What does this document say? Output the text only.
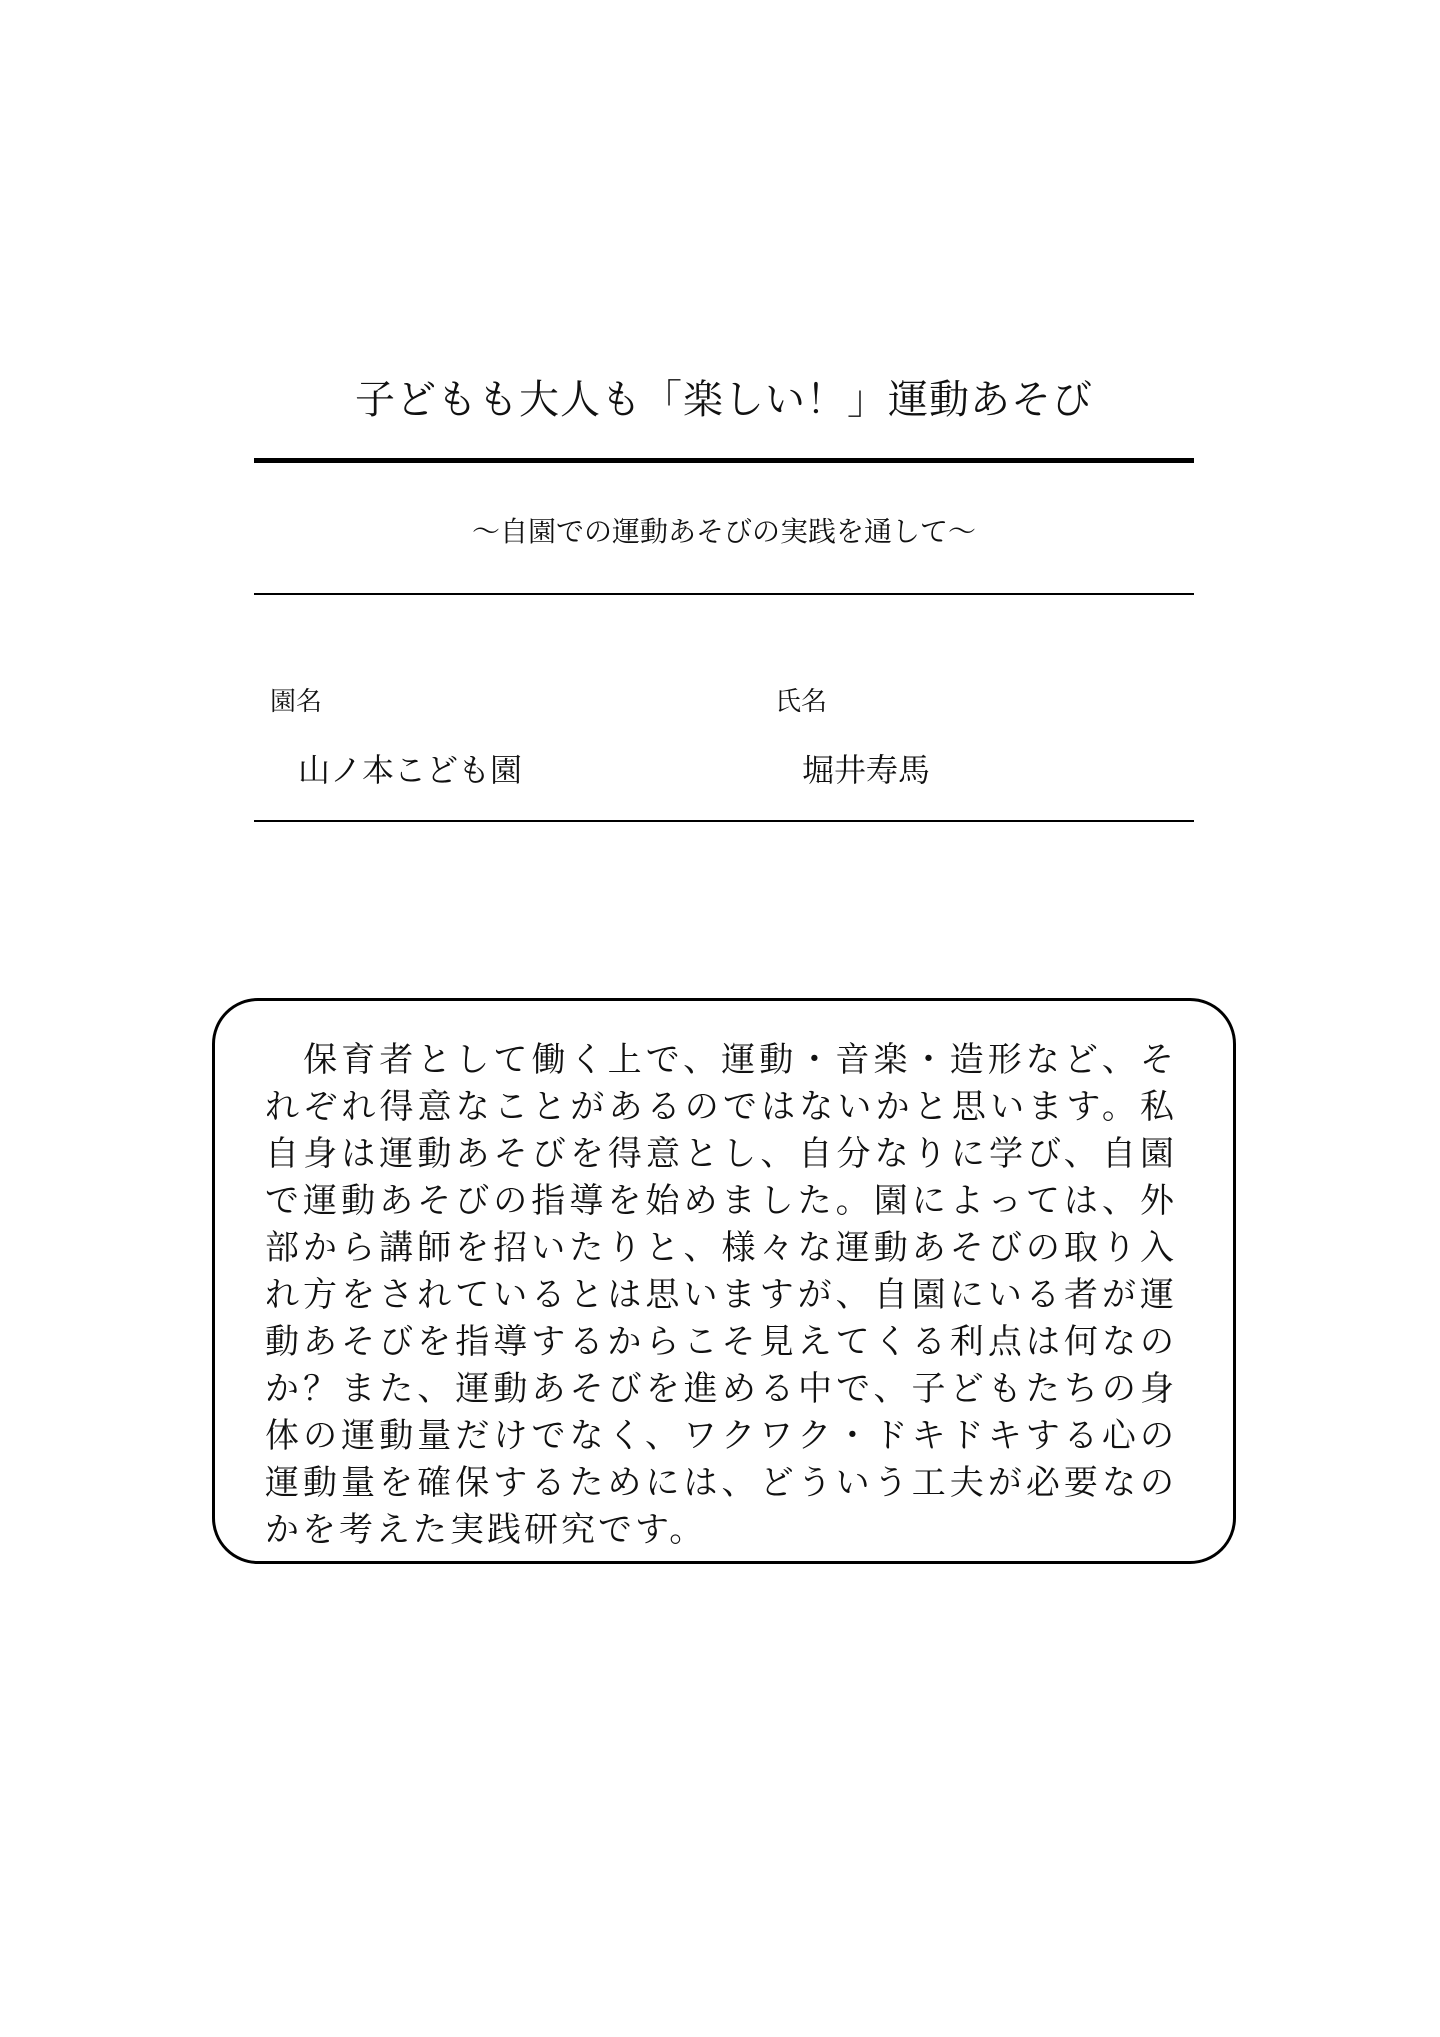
子どもも大人も「楽しい！」運動あそび
～自園での運動あそびの実践を通して～
園名	氏名
山ノ本こども園	堀井寿馬
　保育者として働く上で、運動・音楽・造形など、それぞれ得意なことがあるのではないかと思います。私自身は運動あそびを得意とし、自分なりに学び、自園で運動あそびの指導を始めました。園によっては、外部から講師を招いたりと、様々な運動あそびの取り入れ方をされているとは思いますが、自園にいる者が運動あそびを指導するからこそ見えてくる利点は何なのか？また、運動あそびを進める中で、子どもたちの身体の運動量だけでなく、ワクワク・ドキドキする心の運動量を確保するためには、どういう工夫が必要なのかを考えた実践研究です。
